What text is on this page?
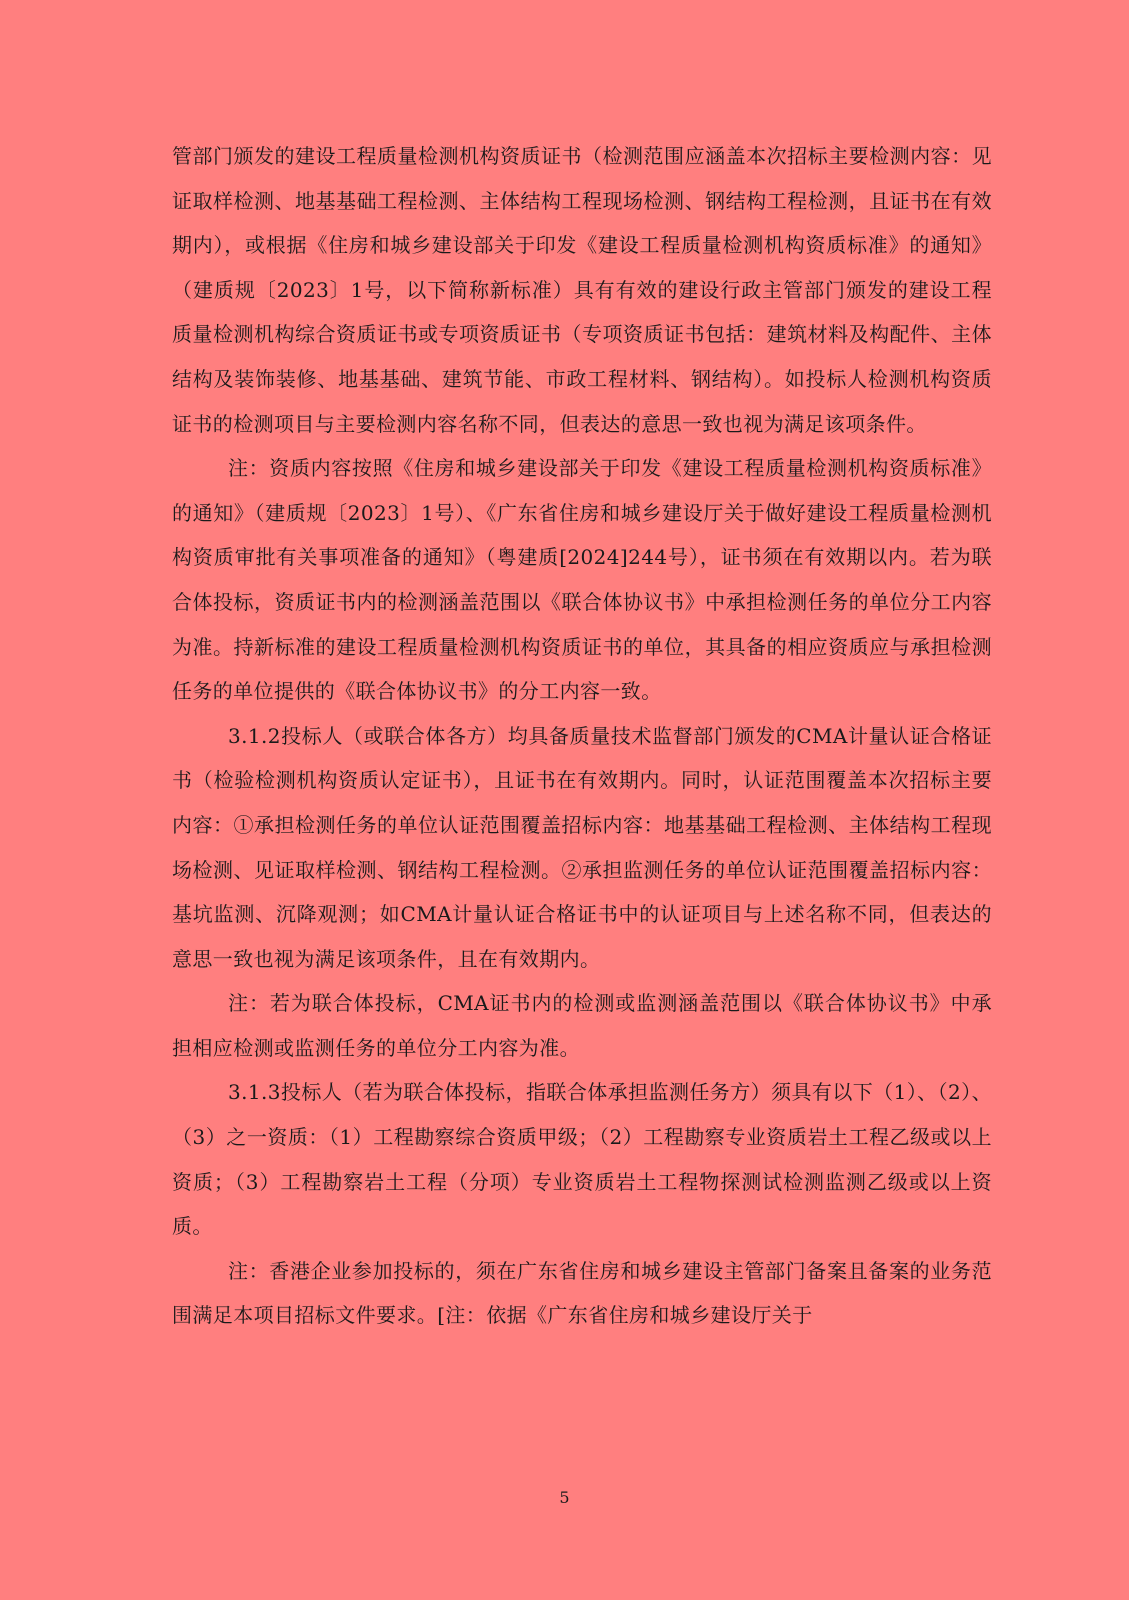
管部门颁发的建设工程质量检测机构资质证书（检测范围应涵盖本次招标主要检测内容：见证取样检测、地基基础工程检测、主体结构工程现场检测、钢结构工程检测，且证书在有效期内），或根据《住房和城乡建设部关于印发《建设工程质量检测机构资质标准》的通知》（建质规〔2023〕1号，以下简称新标准）具有有效的建设行政主管部门颁发的建设工程质量检测机构综合资质证书或专项资质证书（专项资质证书包括：建筑材料及构配件、主体结构及装饰装修、地基基础、建筑节能、市政工程材料、钢结构）。如投标人检测机构资质证书的检测项目与主要检测内容名称不同，但表达的意思一致也视为满足该项条件。

注：资质内容按照《住房和城乡建设部关于印发《建设工程质量检测机构资质标准》的通知》（建质规〔2023〕1号）、《广东省住房和城乡建设厅关于做好建设工程质量检测机构资质审批有关事项准备的通知》（粤建质[2024]244号），证书须在有效期以内。若为联合体投标，资质证书内的检测涵盖范围以《联合体协议书》中承担检测任务的单位分工内容为准。持新标准的建设工程质量检测机构资质证书的单位，其具备的相应资质应与承担检测任务的单位提供的《联合体协议书》的分工内容一致。

3.1.2投标人（或联合体各方）均具备质量技术监督部门颁发的CMA计量认证合格证书（检验检测机构资质认定证书），且证书在有效期内。同时，认证范围覆盖本次招标主要内容：①承担检测任务的单位认证范围覆盖招标内容：地基基础工程检测、主体结构工程现场检测、见证取样检测、钢结构工程检测。②承担监测任务的单位认证范围覆盖招标内容：基坑监测、沉降观测；如CMA计量认证合格证书中的认证项目与上述名称不同，但表达的意思一致也视为满足该项条件，且在有效期内。

注：若为联合体投标，CMA证书内的检测或监测涵盖范围以《联合体协议书》中承担相应检测或监测任务的单位分工内容为准。

3.1.3投标人（若为联合体投标，指联合体承担监测任务方）须具有以下（1）、（2）、（3）之一资质：（1）工程勘察综合资质甲级；（2）工程勘察专业资质岩土工程乙级或以上资质；（3）工程勘察岩土工程（分项）专业资质岩土工程物探测试检测监测乙级或以上资质。

注：香港企业参加投标的，须在广东省住房和城乡建设主管部门备案且备案的业务范围满足本项目招标文件要求。[注：依据《广东省住房和城乡建设厅关于

5
